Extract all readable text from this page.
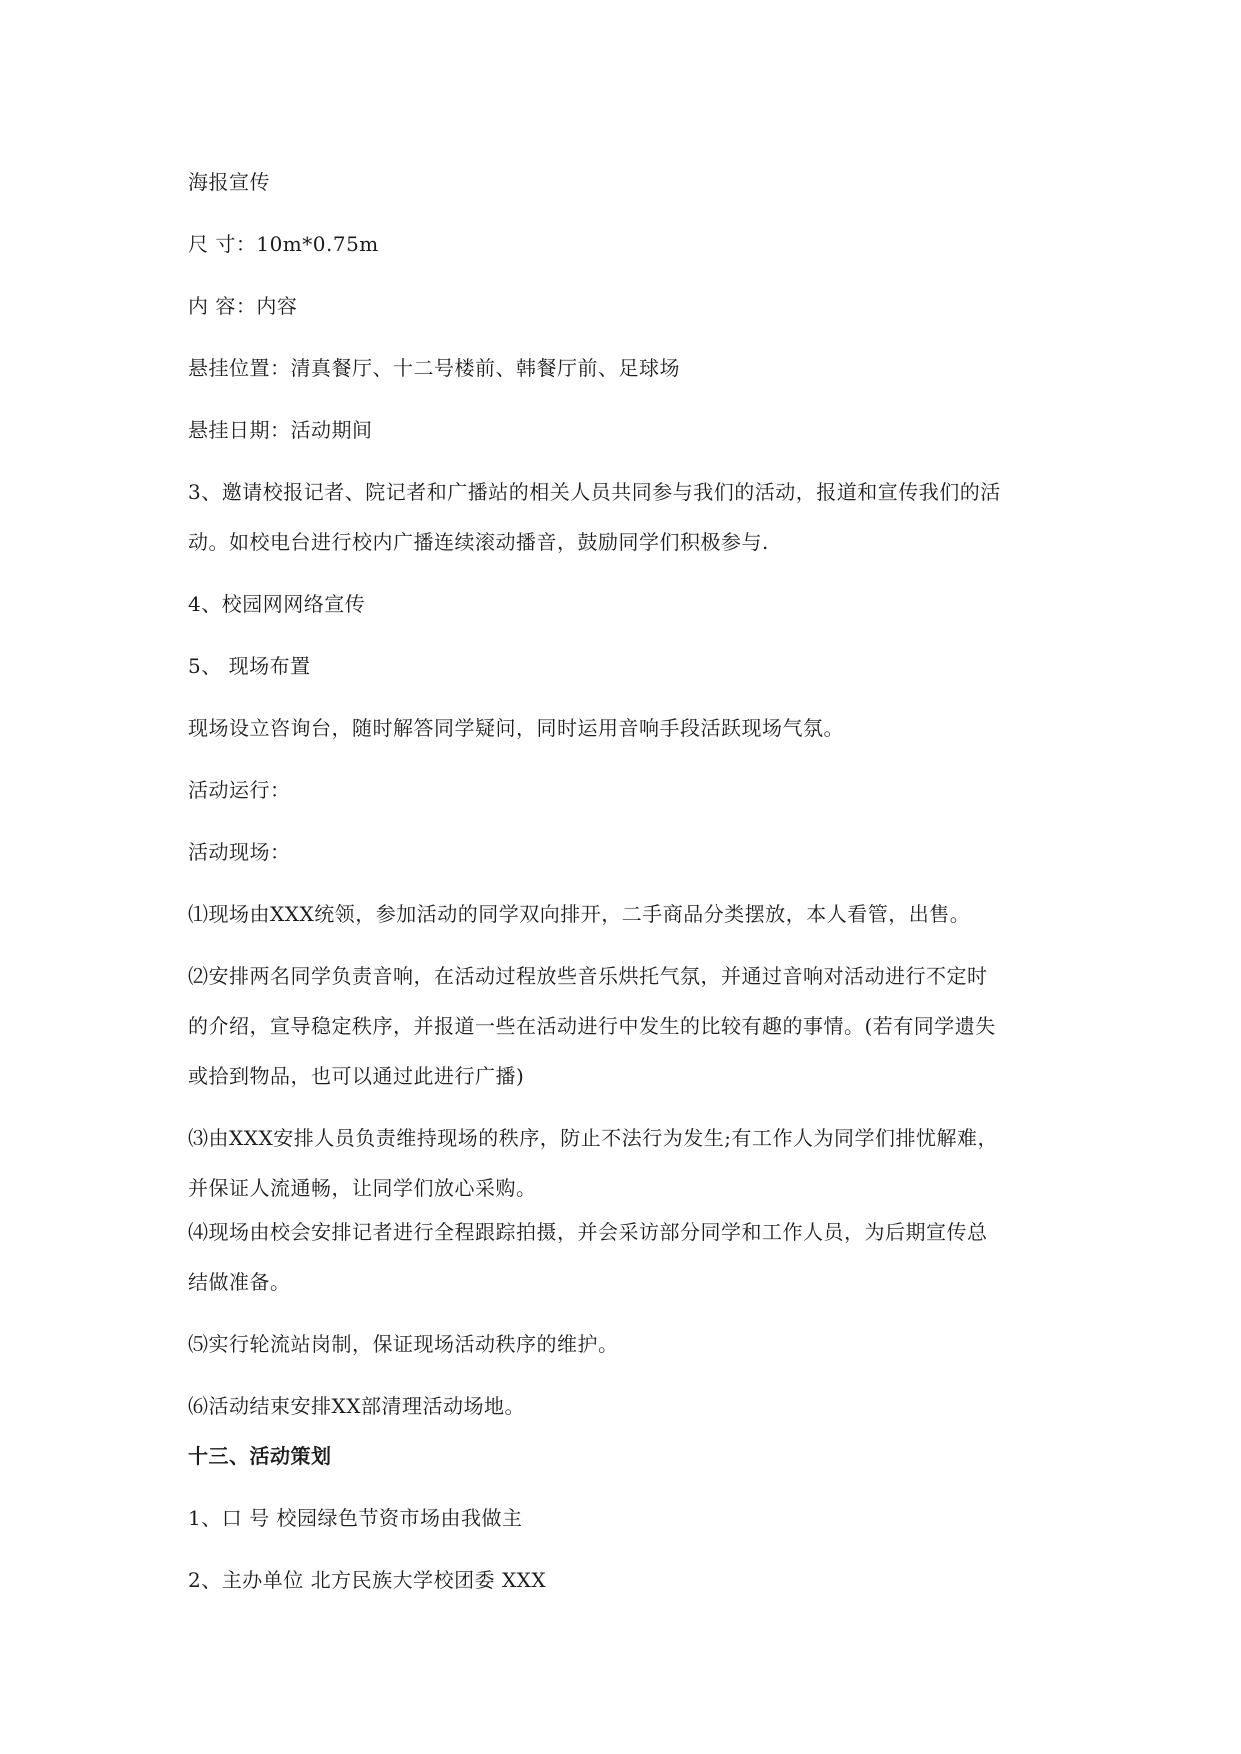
海报宣传
尺 寸：10m*0.75m
内 容：内容
悬挂位置：清真餐厅、十二号楼前、韩餐厅前、足球场
悬挂日期：活动期间
3、邀请校报记者、院记者和广播站的相关人员共同参与我们的活动，报道和宣传我们的活
动。如校电台进行校内广播连续滚动播音，鼓励同学们积极参与.
4、校园网网络宣传
5、 现场布置
现场设立咨询台，随时解答同学疑问，同时运用音响手段活跃现场气氛。
活动运行：
活动现场：
⑴现场由XXX统领，参加活动的同学双向排开，二手商品分类摆放，本人看管，出售。
⑵安排两名同学负责音响，在活动过程放些音乐烘托气氛，并通过音响对活动进行不定时
的介绍，宣导稳定秩序，并报道一些在活动进行中发生的比较有趣的事情。(若有同学遗失
或拾到物品，也可以通过此进行广播)
⑶由XXX安排人员负责维持现场的秩序，防止不法行为发生;有工作人为同学们排忧解难，
并保证人流通畅，让同学们放心采购。
⑷现场由校会安排记者进行全程跟踪拍摄，并会采访部分同学和工作人员，为后期宣传总
结做准备。
⑸实行轮流站岗制，保证现场活动秩序的维护。
⑹活动结束安排XX部清理活动场地。
十三、活动策划
1、口 号 校园绿色节资市场由我做主
2、主办单位 北方民族大学校团委 XXX
